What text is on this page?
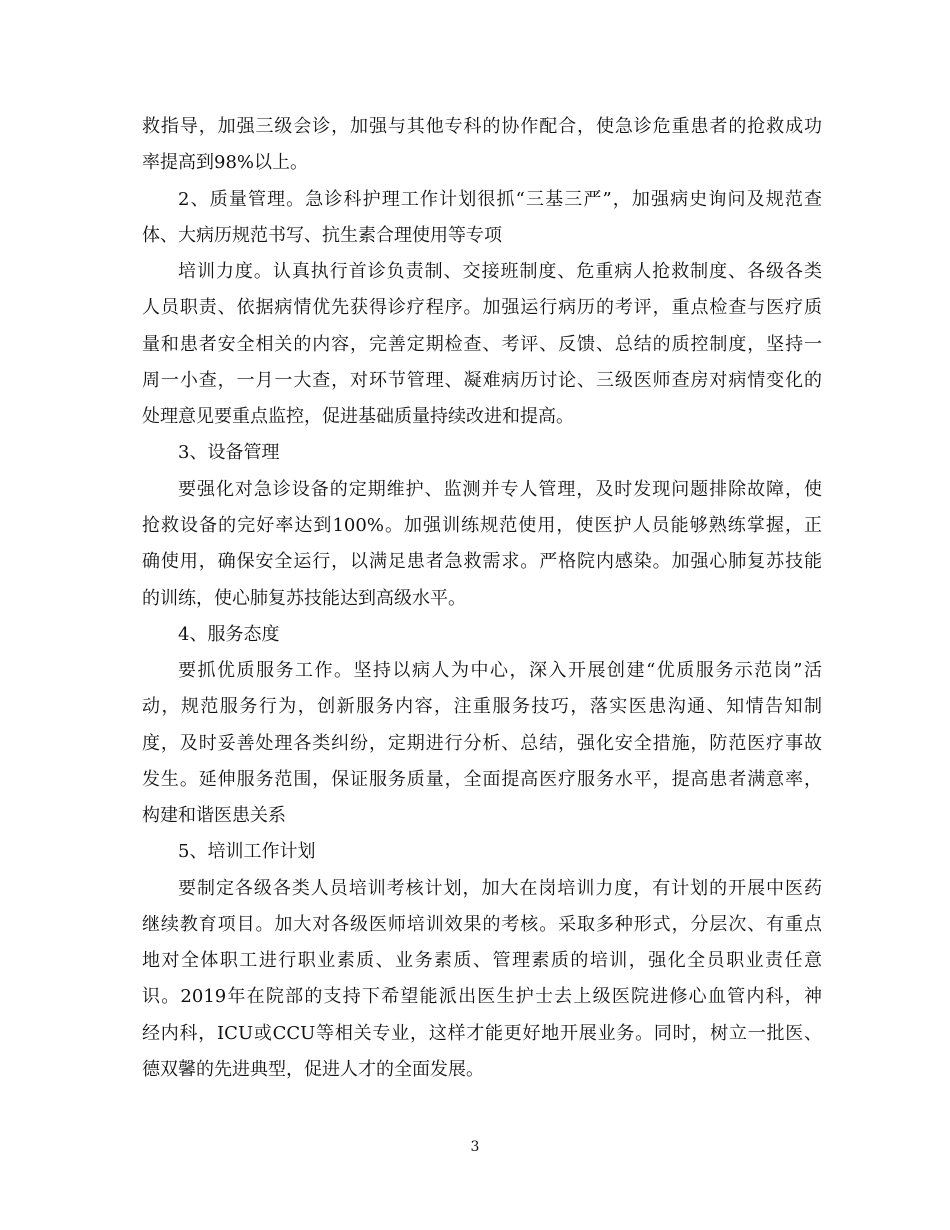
救指导，加强三级会诊，加强与其他专科的协作配合，使急诊危重患者的抢救成功
率提高到98%以上。
2、质量管理。急诊科护理工作计划很抓“三基三严”，加强病史询问及规范查
体、大病历规范书写、抗生素合理使用等专项
培训力度。认真执行首诊负责制、交接班制度、危重病人抢救制度、各级各类
人员职责、依据病情优先获得诊疗程序。加强运行病历的考评，重点检查与医疗质
量和患者安全相关的内容，完善定期检查、考评、反馈、总结的质控制度，坚持一
周一小查，一月一大查，对环节管理、凝难病历讨论、三级医师查房对病情变化的
处理意见要重点监控，促进基础质量持续改进和提高。
3、设备管理
要强化对急诊设备的定期维护、监测并专人管理，及时发现问题排除故障，使
抢救设备的完好率达到100%。加强训练规范使用，使医护人员能够熟练掌握，正
确使用，确保安全运行，以满足患者急救需求。严格院内感染。加强心肺复苏技能
的训练，使心肺复苏技能达到高级水平。
4、服务态度
要抓优质服务工作。坚持以病人为中心，深入开展创建“优质服务示范岗”活
动，规范服务行为，创新服务内容，注重服务技巧，落实医患沟通、知情告知制
度，及时妥善处理各类纠纷，定期进行分析、总结，强化安全措施，防范医疗事故
发生。延伸服务范围，保证服务质量，全面提高医疗服务水平，提高患者满意率，
构建和谐医患关系
5、培训工作计划
要制定各级各类人员培训考核计划，加大在岗培训力度，有计划的开展中医药
继续教育项目。加大对各级医师培训效果的考核。采取多种形式，分层次、有重点
地对全体职工进行职业素质、业务素质、管理素质的培训，强化全员职业责任意
识。2019年在院部的支持下希望能派出医生护士去上级医院进修心血管内科，神
经内科，ICU或CCU等相关专业，这样才能更好地开展业务。同时，树立一批医、
德双馨的先进典型，促进人才的全面发展。
3
